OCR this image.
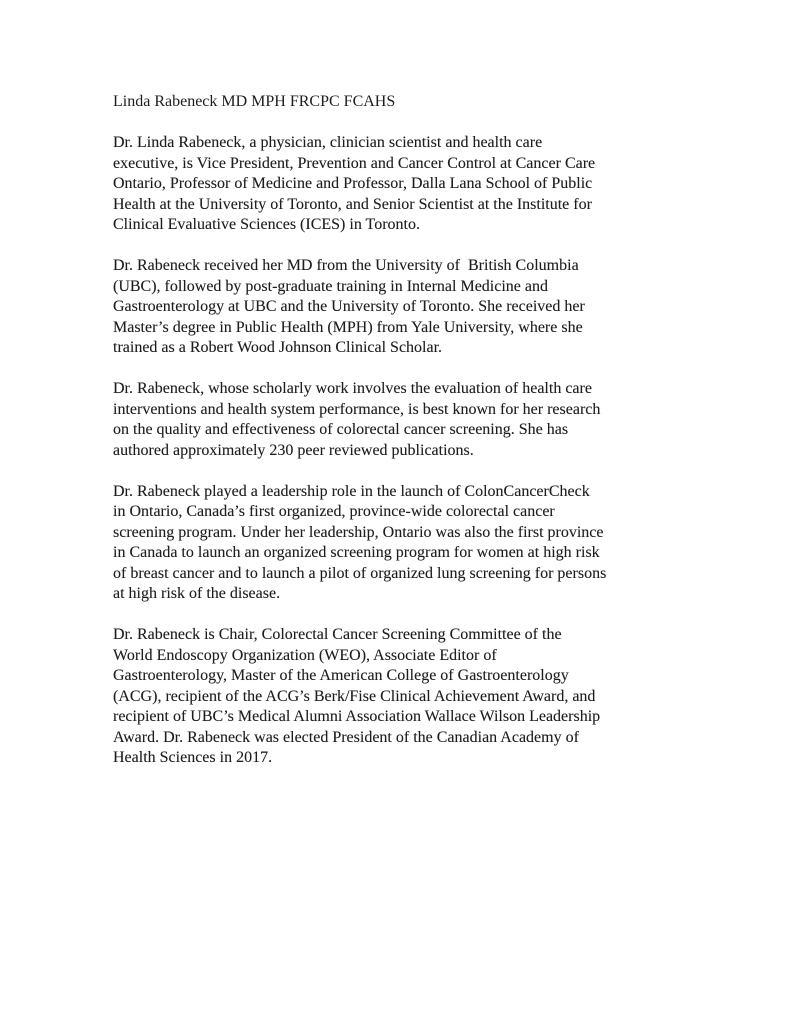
Linda Rabeneck MD MPH FRCPC FCAHS

Dr. Linda Rabeneck, a physician, clinician scientist and health care
executive, is Vice President, Prevention and Cancer Control at Cancer Care
Ontario, Professor of Medicine and Professor, Dalla Lana School of Public
Health at the University of Toronto, and Senior Scientist at the Institute for
Clinical Evaluative Sciences (ICES) in Toronto.
Dr. Rabeneck received her MD from the University of  British Columbia
(UBC), followed by post-graduate training in Internal Medicine and
Gastroenterology at UBC and the University of Toronto. She received her
Master’s degree in Public Health (MPH) from Yale University, where she
trained as a Robert Wood Johnson Clinical Scholar.
Dr. Rabeneck, whose scholarly work involves the evaluation of health care
interventions and health system performance, is best known for her research
on the quality and effectiveness of colorectal cancer screening. She has
authored approximately 230 peer reviewed publications.
Dr. Rabeneck played a leadership role in the launch of ColonCancerCheck
in Ontario, Canada’s first organized, province-wide colorectal cancer
screening program. Under her leadership, Ontario was also the first province
in Canada to launch an organized screening program for women at high risk
of breast cancer and to launch a pilot of organized lung screening for persons
at high risk of the disease.
Dr. Rabeneck is Chair, Colorectal Cancer Screening Committee of the
World Endoscopy Organization (WEO), Associate Editor of
Gastroenterology, Master of the American College of Gastroenterology
(ACG), recipient of the ACG’s Berk/Fise Clinical Achievement Award, and
recipient of UBC’s Medical Alumni Association Wallace Wilson Leadership
Award. Dr. Rabeneck was elected President of the Canadian Academy of
Health Sciences in 2017.
